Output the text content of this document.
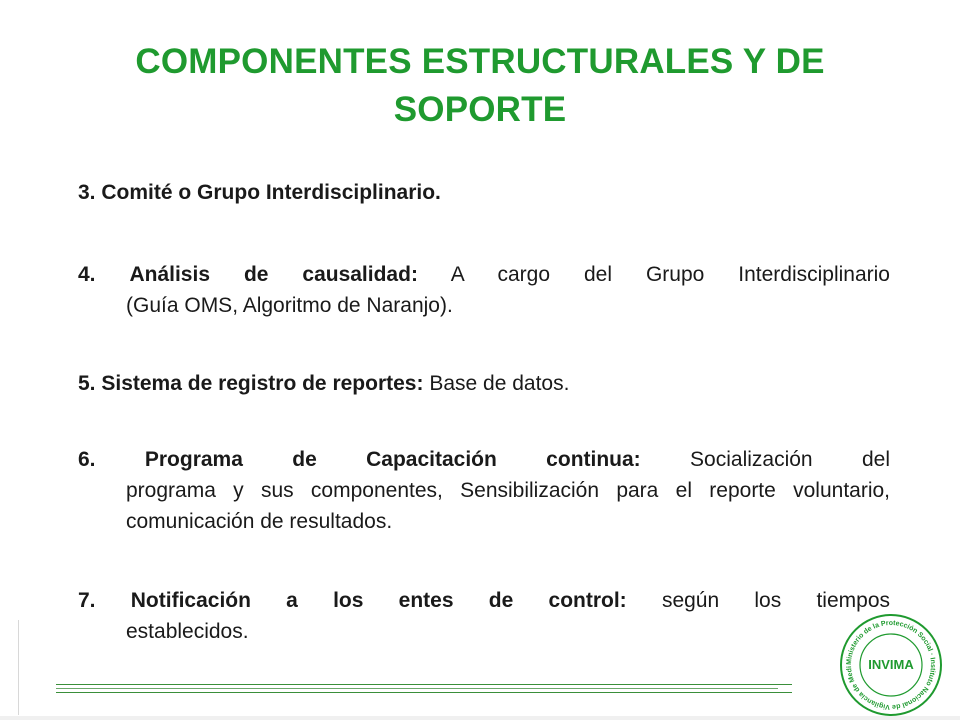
COMPONENTES ESTRUCTURALES Y DE SOPORTE
3. Comité o Grupo Interdisciplinario.
4. Análisis de causalidad: A cargo del Grupo Interdisciplinario
(Guía OMS, Algoritmo de Naranjo).
5. Sistema de registro de reportes: Base de datos.
6. Programa de Capacitación continua: Socialización del
programa y sus componentes, Sensibilización para el reporte voluntario, comunicación de resultados.
7. Notificación a los entes de control: según los tiempos
establecidos.
Ministerio de la Protección Social · Instituto Nacional de Vigilancia de Medi	INVIMA
